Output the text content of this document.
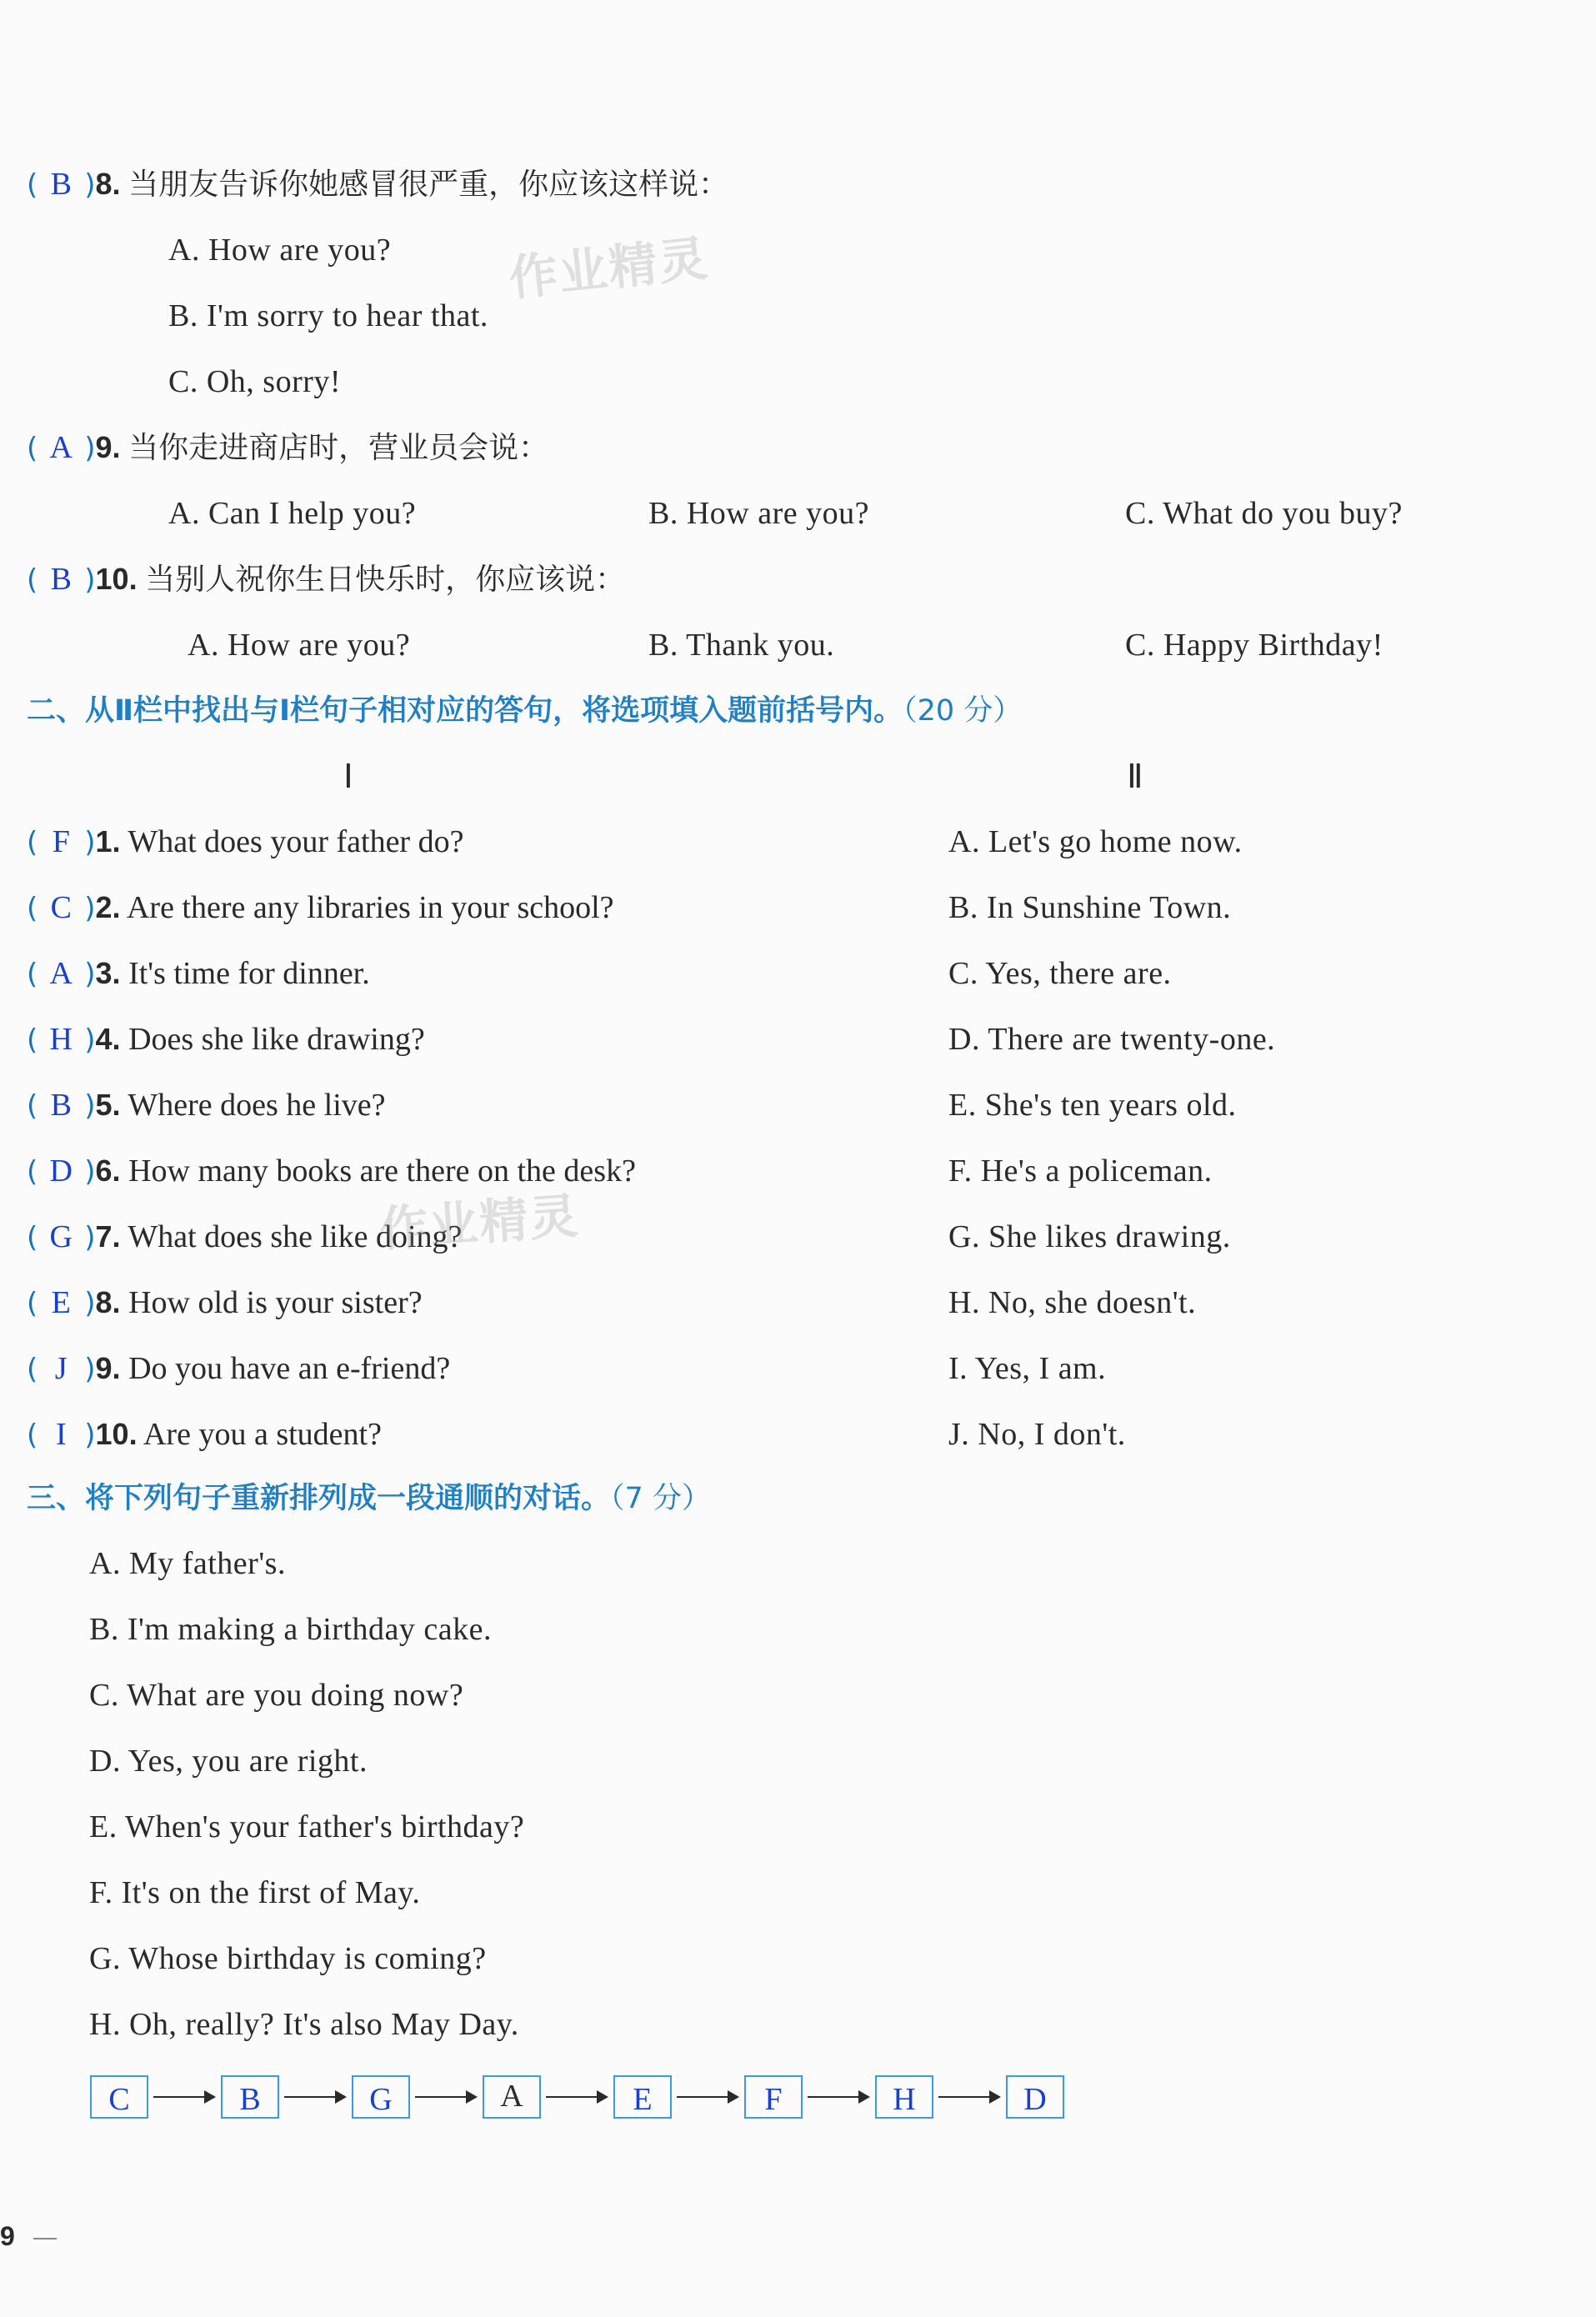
( B )8. 当朋友告诉你她感冒很严重，你应该这样说：
A. How are you?
B. I'm sorry to hear that.
C. Oh, sorry!
( A )9. 当你走进商店时，营业员会说：
A. Can I help you?	B. How are you?	C. What do you buy?
( B )10. 当别人祝你生日快乐时，你应该说：
A. How are you?	B. Thank you.	C. Happy Birthday!
二、从Ⅱ栏中找出与Ⅰ栏句子相对应的答句，将选项填入题前括号内。（20 分）
Ⅰ	Ⅱ
( F )1. What does your father do?	A. Let's go home now.
( C )2. Are there any libraries in your school?	B. In Sunshine Town.
( A )3. It's time for dinner.	C. Yes, there are.
( H )4. Does she like drawing?	D. There are twenty-one.
( B )5. Where does he live?	E. She's ten years old.
( D )6. How many books are there on the desk?	F. He's a policeman.
( G )7. What does she like doing?	G. She likes drawing.
( E )8. How old is your sister?	H. No, she doesn't.
( J )9. Do you have an e-friend?	I. Yes, I am.
( I )10. Are you a student?	J. No, I don't.
三、将下列句子重新排列成一段通顺的对话。（7 分）
A. My father's.
B. I'm making a birthday cake.
C. What are you doing now?
D. Yes, you are right.
E. When's your father's birthday?
F. It's on the first of May.
G. Whose birthday is coming?
H. Oh, really? It's also May Day.
C	B	G	A	E	F	H	D
作业精灵
作业精灵
9
